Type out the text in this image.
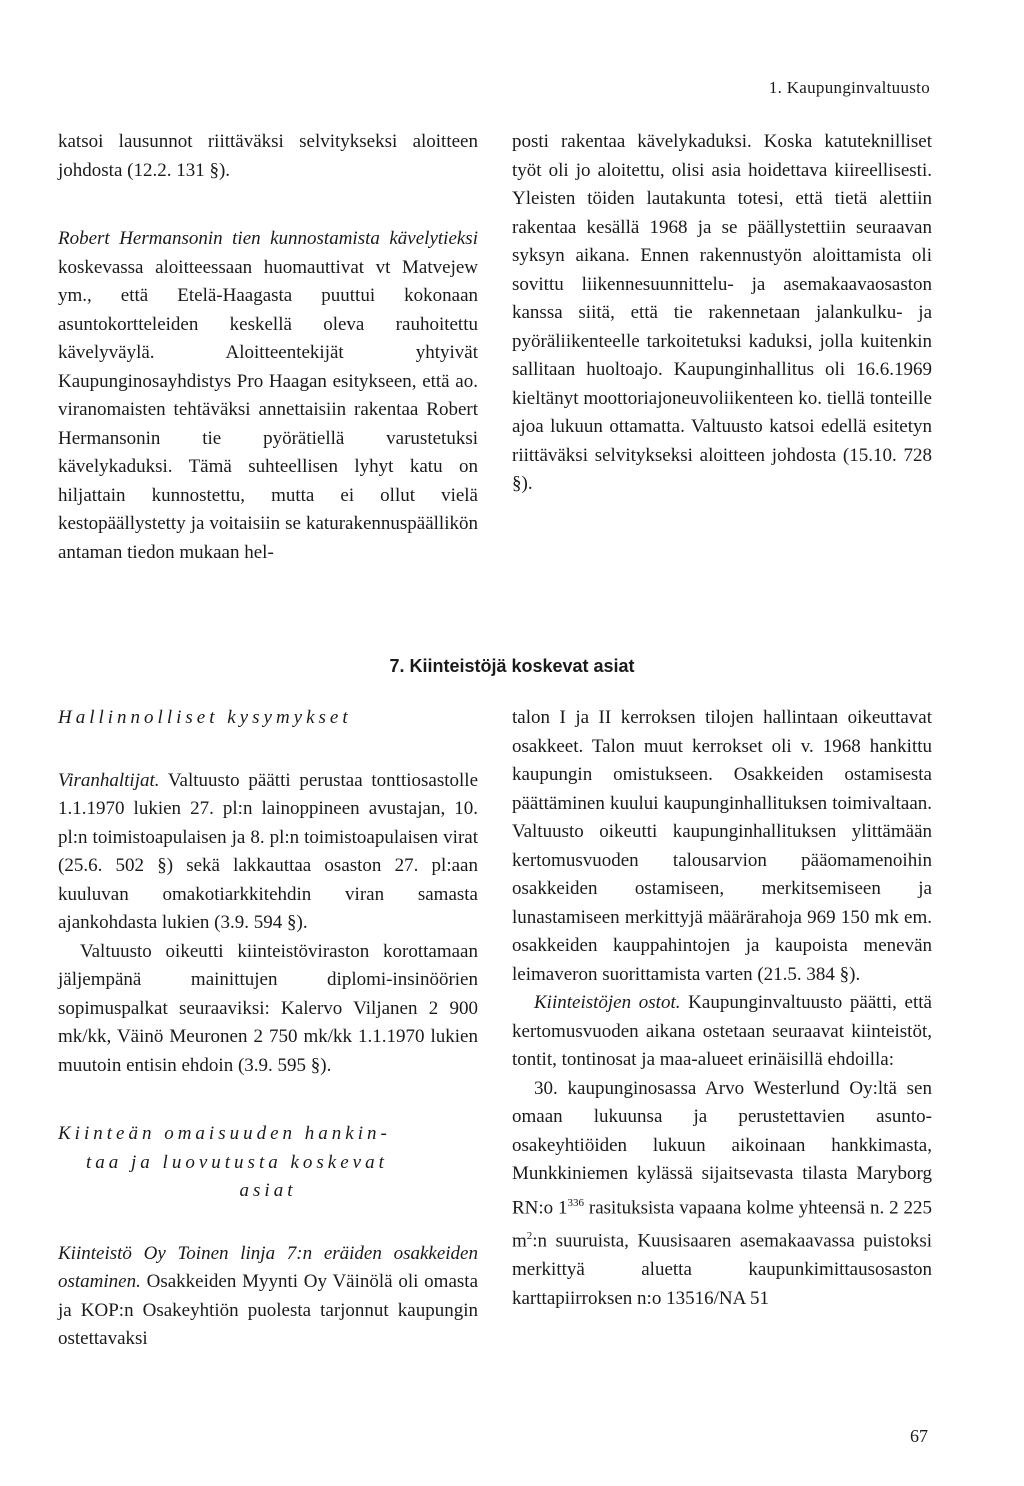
1. Kaupunginvaltuusto

katsoi lausunnot riittäväksi selvitykseksi aloitteen johdosta (12.2. 131 §).

Robert Hermansonin tien kunnostamista kävelytieksi koskevassa aloitteessaan huomauttivat vt Matvejew ym., että Etelä-Haagasta puuttui kokonaan asuntokortteleiden keskellä oleva rauhoitettu kävelyväylä. Aloitteentekijät yhtyivät Kaupunginosayhdistys Pro Haagan esitykseen, että ao. viranomaisten tehtäväksi annettaisiin rakentaa Robert Hermansonin tie pyörätiellä varustetuksi kävelykaduksi. Tämä suhteellisen lyhyt katu on hiljattain kunnostettu, mutta ei ollut vielä kestopäällystetty ja voitaisiin se katurakennuspäällikön antaman tiedon mukaan hel-

posti rakentaa kävelykaduksi. Koska katuteknilliset työt oli jo aloitettu, olisi asia hoidettava kiireellisesti. Yleisten töiden lautakunta totesi, että tietä alettiin rakentaa kesällä 1968 ja se päällystettiin seuraavan syksyn aikana. Ennen rakennustyön aloittamista oli sovittu liikennesuunnittelu- ja asemakaavaosaston kanssa siitä, että tie rakennetaan jalankulku- ja pyöräliikenteelle tarkoitetuksi kaduksi, jolla kuitenkin sallitaan huoltoajo. Kaupunginhallitus oli 16.6.1969 kieltänyt moottoriajoneuvoliikenteen ko. tiellä tonteille ajoa lukuun ottamatta. Valtuusto katsoi edellä esitetyn riittäväksi selvitykseksi aloitteen johdosta (15.10. 728 §).

7. Kiinteistöjä koskevat asiat

Hallinnolliset kysymykset

Viranhaltijat. Valtuusto päätti perustaa tonttiosastolle 1.1.1970 lukien 27. pl:n lainoppineen avustajan, 10. pl:n toimistoapulaisen ja 8. pl:n toimistoapulaisen virat (25.6. 502 §) sekä lakkauttaa osaston 27. pl:aan kuuluvan omakotiarkkitehdin viran samasta ajankohdasta lukien (3.9. 594 §).

Valtuusto oikeutti kiinteistöviraston korottamaan jäljempänä mainittujen diplomi-insinöörien sopimuspalkat seuraaviksi: Kalervo Viljanen 2 900 mk/kk, Väinö Meuronen 2 750 mk/kk 1.1.1970 lukien muutoin entisin ehdoin (3.9. 595 §).

Kiinteän omaisuuden hankin-

taa ja luovutusta koskevat

asiat

Kiinteistö Oy Toinen linja 7:n eräiden osakkeiden ostaminen. Osakkeiden Myynti Oy Väinölä oli omasta ja KOP:n Osakeyhtiön puolesta tarjonnut kaupungin ostettavaksi

talon I ja II kerroksen tilojen hallintaan oikeuttavat osakkeet. Talon muut kerrokset oli v. 1968 hankittu kaupungin omistukseen. Osakkeiden ostamisesta päättäminen kuului kaupunginhallituksen toimivaltaan. Valtuusto oikeutti kaupunginhallituksen ylittämään kertomusvuoden talousarvion pääomamenoihin osakkeiden ostamiseen, merkitsemiseen ja lunastamiseen merkittyjä määrärahoja 969 150 mk em. osakkeiden kauppahintojen ja kaupoista menevän leimaveron suorittamista varten (21.5. 384 §).

Kiinteistöjen ostot. Kaupunginvaltuusto päätti, että kertomusvuoden aikana ostetaan seuraavat kiinteistöt, tontit, tontinosat ja maa-alueet erinäisillä ehdoilla:

30. kaupunginosassa Arvo Westerlund Oy:ltä sen omaan lukuunsa ja perustettavien asunto-osakeyhtiöiden lukuun aikoinaan hankkimasta, Munkkiniemen kylässä sijaitsevasta tilasta Maryborg RN:o $1^{336}$ rasituksista vapaana kolme yhteensä n. 2 225 $m^2:n$ suuruista, Kuusisaaren asemakaavassa puistoksi merkittyä aluetta kaupunkimittausosaston karttapiirroksen n:o 13516/NA 51

67
